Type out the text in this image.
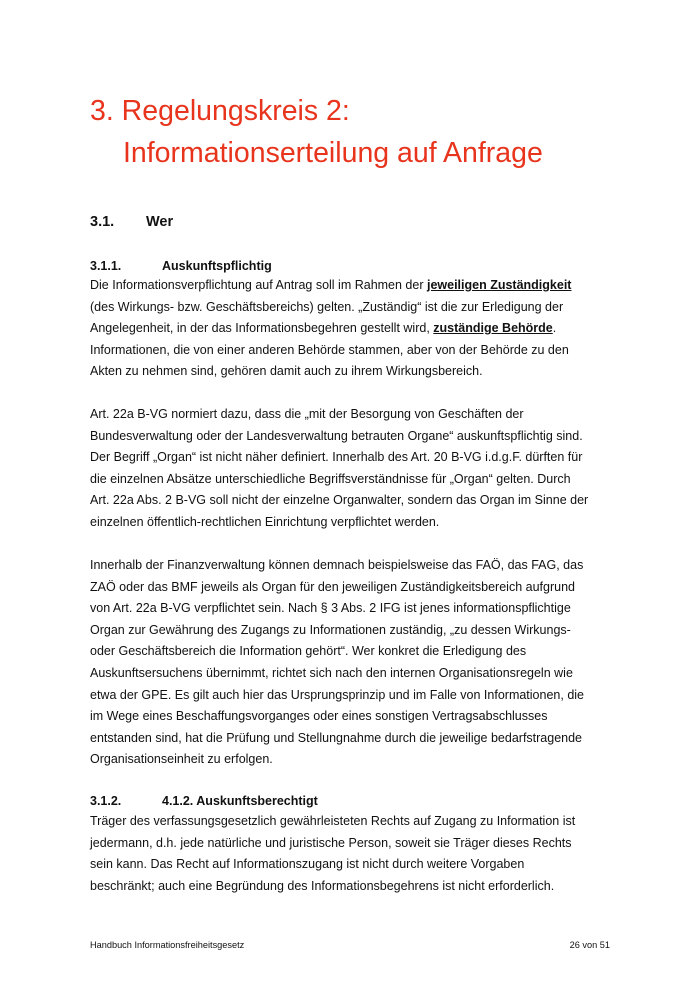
3. Regelungskreis 2:
Informationserteilung auf Anfrage
3.1. Wer
3.1.1.	Auskunftspflichtig
Die Informationsverpflichtung auf Antrag soll im Rahmen der jeweiligen Zuständigkeit
(des Wirkungs- bzw. Geschäftsbereichs) gelten. „Zuständig“ ist die zur Erledigung der
Angelegenheit, in der das Informationsbegehren gestellt wird, zuständige Behörde.
Informationen, die von einer anderen Behörde stammen, aber von der Behörde zu den
Akten zu nehmen sind, gehören damit auch zu ihrem Wirkungsbereich.
Art. 22a B-VG normiert dazu, dass die „mit der Besorgung von Geschäften der
Bundesverwaltung oder der Landesverwaltung betrauten Organe“ auskunftspflichtig sind.
Der Begriff „Organ“ ist nicht näher definiert. Innerhalb des Art. 20 B-VG i.d.g.F. dürften für
die einzelnen Absätze unterschiedliche Begriffsverständnisse für „Organ“ gelten. Durch
Art. 22a Abs. 2 B-VG soll nicht der einzelne Organwalter, sondern das Organ im Sinne der
einzelnen öffentlich-rechtlichen Einrichtung verpflichtet werden.
Innerhalb der Finanzverwaltung können demnach beispielsweise das FAÖ, das FAG, das
ZAÖ oder das BMF jeweils als Organ für den jeweiligen Zuständigkeitsbereich aufgrund
von Art. 22a B-VG verpflichtet sein. Nach § 3 Abs. 2 IFG ist jenes informationspflichtige
Organ zur Gewährung des Zugangs zu Informationen zuständig, „zu dessen Wirkungs-
oder Geschäftsbereich die Information gehört“. Wer konkret die Erledigung des
Auskunftsersuchens übernimmt, richtet sich nach den internen Organisationsregeln wie
etwa der GPE. Es gilt auch hier das Ursprungsprinzip und im Falle von Informationen, die
im Wege eines Beschaffungsvorganges oder eines sonstigen Vertragsabschlusses
entstanden sind, hat die Prüfung und Stellungnahme durch die jeweilige bedarfstragende
Organisationseinheit zu erfolgen.
3.1.2.	4.1.2. Auskunftsberechtigt
Träger des verfassungsgesetzlich gewährleisteten Rechts auf Zugang zu Information ist
jedermann, d.h. jede natürliche und juristische Person, soweit sie Träger dieses Rechts
sein kann. Das Recht auf Informationszugang ist nicht durch weitere Vorgaben
beschränkt; auch eine Begründung des Informationsbegehrens ist nicht erforderlich.
Handbuch Informationsfreiheitsgesetz	26 von 51
